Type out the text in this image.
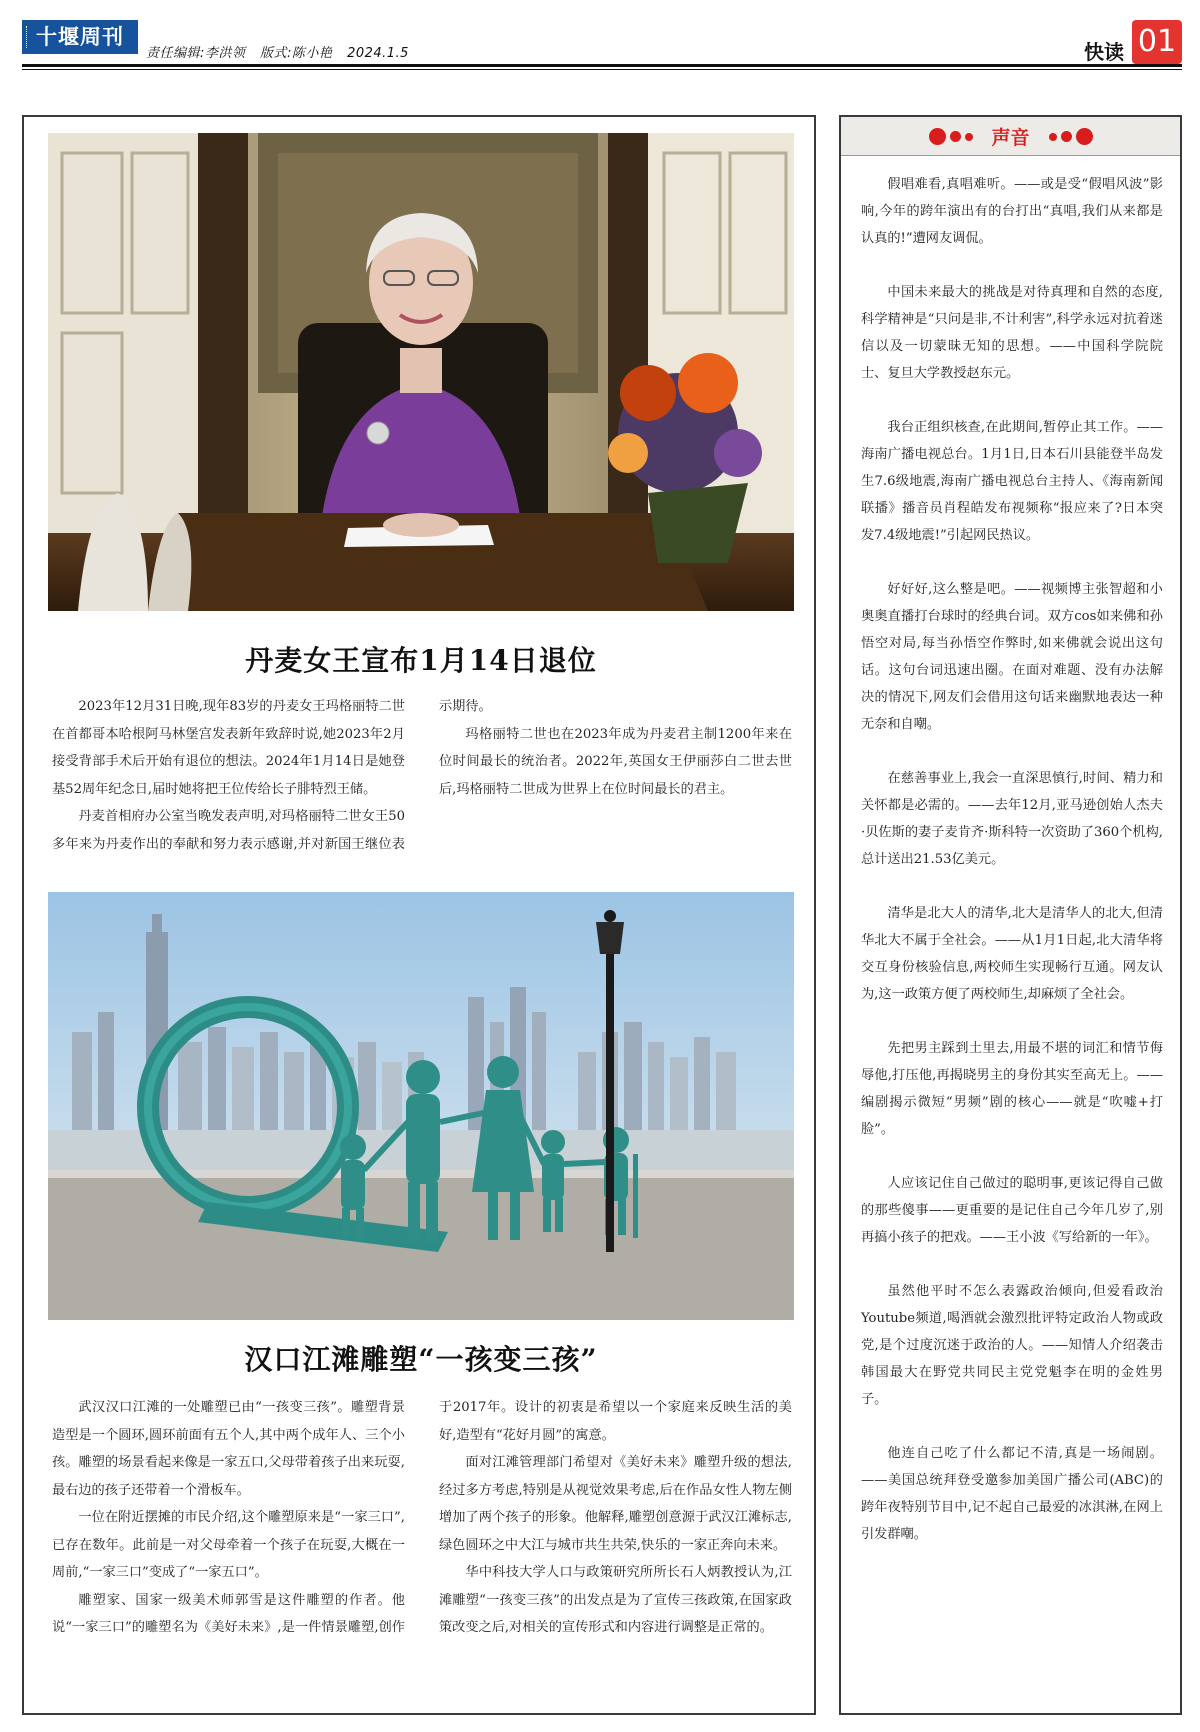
十堰周刊
责任编辑:李洪领 版式:陈小艳 2024.1.5	快读 01
丹麦女王宣布1月14日退位

2023年12月31日晚,现年83岁的丹麦女王玛格丽特二世在首都哥本哈根阿马林堡宫发表新年致辞时说,她2023年2月接受背部手术后开始有退位的想法。2024年1月14日是她登基52周年纪念日,届时她将把王位传给长子腓特烈王储。

丹麦首相府办公室当晚发表声明,对玛格丽特二世女王50多年来为丹麦作出的奉献和努力表示感谢,并对新国王继位表示期待。

玛格丽特二世也在2023年成为丹麦君主制1200年来在位时间最长的统治者。2022年,英国女王伊丽莎白二世去世后,玛格丽特二世成为世界上在位时间最长的君主。

汉口江滩雕塑“一孩变三孩”

武汉汉口江滩的一处雕塑已由“一孩变三孩”。雕塑背景造型是一个圆环,圆环前面有五个人,其中两个成年人、三个小孩。雕塑的场景看起来像是一家五口,父母带着孩子出来玩耍,最右边的孩子还带着一个滑板车。

一位在附近摆摊的市民介绍,这个雕塑原来是“一家三口”,已存在数年。此前是一对父母牵着一个孩子在玩耍,大概在一周前,“一家三口”变成了“一家五口”。

雕塑家、国家一级美术师郭雪是这件雕塑的作者。他说“一家三口”的雕塑名为《美好未来》,是一件情景雕塑,创作于2017年。设计的初衷是希望以一个家庭来反映生活的美好,造型有“花好月圆”的寓意。

面对江滩管理部门希望对《美好未来》雕塑升级的想法,经过多方考虑,特别是从视觉效果考虑,后在作品女性人物左侧增加了两个孩子的形象。他解释,雕塑创意源于武汉江滩标志,绿色圆环之中大江与城市共生共荣,快乐的一家正奔向未来。

华中科技大学人口与政策研究所所长石人炳教授认为,江滩雕塑“一孩变三孩”的出发点是为了宣传三孩政策,在国家政策改变之后,对相关的宣传形式和内容进行调整是正常的。

声音

假唱难看,真唱难听。——或是受“假唱风波”影响,今年的跨年演出有的台打出“真唱,我们从来都是认真的!”遭网友调侃。

中国未来最大的挑战是对待真理和自然的态度,科学精神是“只问是非,不计利害”,科学永远对抗着迷信以及一切蒙昧无知的思想。——中国科学院院士、复旦大学教授赵东元。

我台正组织核查,在此期间,暂停止其工作。——海南广播电视总台。1月1日,日本石川县能登半岛发生7.6级地震,海南广播电视总台主持人、《海南新闻联播》播音员肖程皓发布视频称“报应来了?日本突发7.4级地震!”引起网民热议。

好好好,这么整是吧。——视频博主张智超和小奥奥直播打台球时的经典台词。双方cos如来佛和孙悟空对局,每当孙悟空作弊时,如来佛就会说出这句话。这句台词迅速出圈。在面对难题、没有办法解决的情况下,网友们会借用这句话来幽默地表达一种无奈和自嘲。

在慈善事业上,我会一直深思慎行,时间、精力和关怀都是必需的。——去年12月,亚马逊创始人杰夫·贝佐斯的妻子麦肯齐·斯科特一次资助了360个机构,总计送出21.53亿美元。

清华是北大人的清华,北大是清华人的北大,但清华北大不属于全社会。——从1月1日起,北大清华将交互身份核验信息,两校师生实现畅行互通。网友认为,这一政策方便了两校师生,却麻烦了全社会。

先把男主踩到土里去,用最不堪的词汇和情节侮辱他,打压他,再揭晓男主的身份其实至高无上。——编剧揭示微短“男频”剧的核心——就是“吹嘘+打脸”。

人应该记住自己做过的聪明事,更该记得自己做的那些傻事——更重要的是记住自己今年几岁了,别再搞小孩子的把戏。——王小波《写给新的一年》。

虽然他平时不怎么表露政治倾向,但爱看政治Youtube频道,喝酒就会激烈批评特定政治人物或政党,是个过度沉迷于政治的人。——知情人介绍袭击韩国最大在野党共同民主党党魁李在明的金姓男子。

他连自己吃了什么都记不清,真是一场闹剧。——美国总统拜登受邀参加美国广播公司(ABC)的跨年夜特别节目中,记不起自己最爱的冰淇淋,在网上引发群嘲。
